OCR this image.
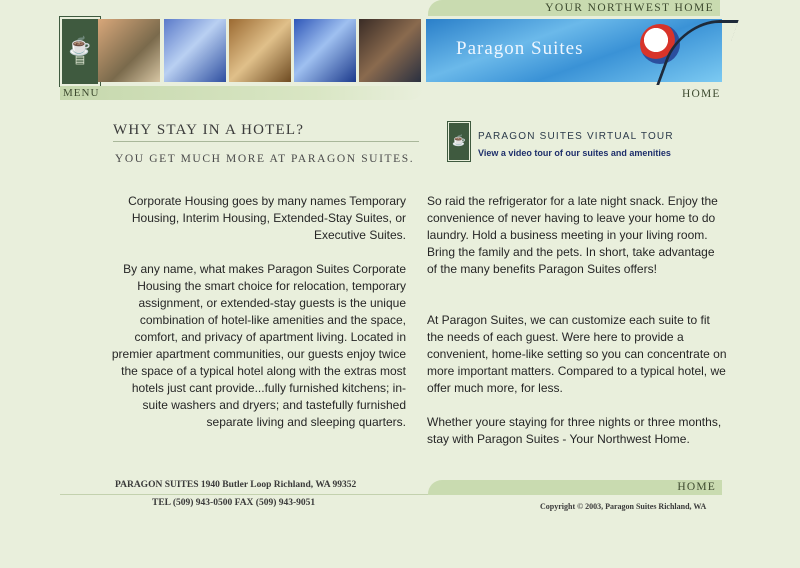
YOUR NORTHWEST HOME
☕
▤
Paragon Suites
MENU	HOME
WHY STAY IN A HOTEL?
YOU GET MUCH MORE AT PARAGON SUITES.
☕ PARAGON SUITES VIRTUAL TOUR
View a video tour of our suites and amenities
Corporate Housing goes by many names Temporary Housing, Interim Housing, Extended-Stay Suites, or Executive Suites.
By any name, what makes Paragon Suites Corporate Housing the smart choice for relocation, temporary assignment, or extended-stay guests is the unique combination of hotel-like amenities and the space, comfort, and privacy of apartment living. Located in premier apartment communities, our guests enjoy twice the space of a typical hotel along with the extras most hotels just cant provide...fully furnished kitchens; in-suite washers and dryers; and tastefully furnished separate living and sleeping quarters.
So raid the refrigerator for a late night snack. Enjoy the convenience of never having to leave your home to do laundry. Hold a business meeting in your living room. Bring the family and the pets. In short, take advantage of the many benefits Paragon Suites offers!
At Paragon Suites, we can customize each suite to fit the needs of each guest. Were here to provide a convenient, home-like setting so you can concentrate on more important matters. Compared to a typical hotel, we offer much more, for less.
Whether youre staying for three nights or three months, stay with Paragon Suites - Your Northwest Home.
PARAGON SUITES 1940 Butler Loop Richland, WA 99352	HOME
TEL (509) 943-0500 FAX (509) 943-9051	Copyright © 2003, Paragon Suites Richland, WA
